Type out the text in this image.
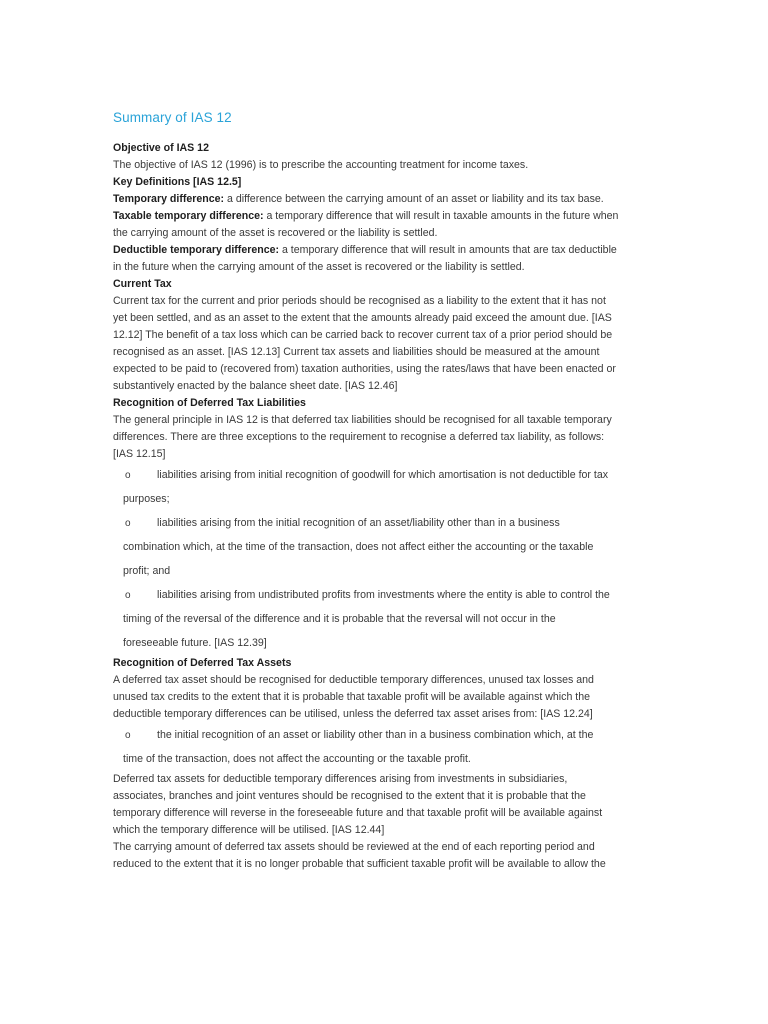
Summary of IAS 12
Objective of IAS 12
The objective of IAS 12 (1996) is to prescribe the accounting treatment for income taxes.
Key Definitions [IAS 12.5]
Temporary difference: a difference between the carrying amount of an asset or liability and its tax base.
Taxable temporary difference: a temporary difference that will result in taxable amounts in the future when
the carrying amount of the asset is recovered or the liability is settled.
Deductible temporary difference: a temporary difference that will result in amounts that are tax deductible
in the future when the carrying amount of the asset is recovered or the liability is settled.
Current Tax
Current tax for the current and prior periods should be recognised as a liability to the extent that it has not
yet been settled, and as an asset to the extent that the amounts already paid exceed the amount due. [IAS
12.12] The benefit of a tax loss which can be carried back to recover current tax of a prior period should be
recognised as an asset. [IAS 12.13] Current tax assets and liabilities should be measured at the amount
expected to be paid to (recovered from) taxation authorities, using the rates/laws that have been enacted or
substantively enacted by the balance sheet date. [IAS 12.46]
Recognition of Deferred Tax Liabilities
The general principle in IAS 12 is that deferred tax liabilities should be recognised for all taxable temporary
differences. There are three exceptions to the requirement to recognise a deferred tax liability, as follows:
[IAS 12.15]
o	liabilities arising from initial recognition of goodwill for which amortisation is not deductible for tax
purposes;
o	liabilities arising from the initial recognition of an asset/liability other than in a business
combination which, at the time of the transaction, does not affect either the accounting or the taxable
profit; and
o	liabilities arising from undistributed profits from investments where the entity is able to control the
timing of the reversal of the difference and it is probable that the reversal will not occur in the
foreseeable future. [IAS 12.39]
Recognition of Deferred Tax Assets
A deferred tax asset should be recognised for deductible temporary differences, unused tax losses and
unused tax credits to the extent that it is probable that taxable profit will be available against which the
deductible temporary differences can be utilised, unless the deferred tax asset arises from: [IAS 12.24]
o	the initial recognition of an asset or liability other than in a business combination which, at the
time of the transaction, does not affect the accounting or the taxable profit.
Deferred tax assets for deductible temporary differences arising from investments in subsidiaries,
associates, branches and joint ventures should be recognised to the extent that it is probable that the
temporary difference will reverse in the foreseeable future and that taxable profit will be available against
which the temporary difference will be utilised. [IAS 12.44]
The carrying amount of deferred tax assets should be reviewed at the end of each reporting period and
reduced to the extent that it is no longer probable that sufficient taxable profit will be available to allow the
